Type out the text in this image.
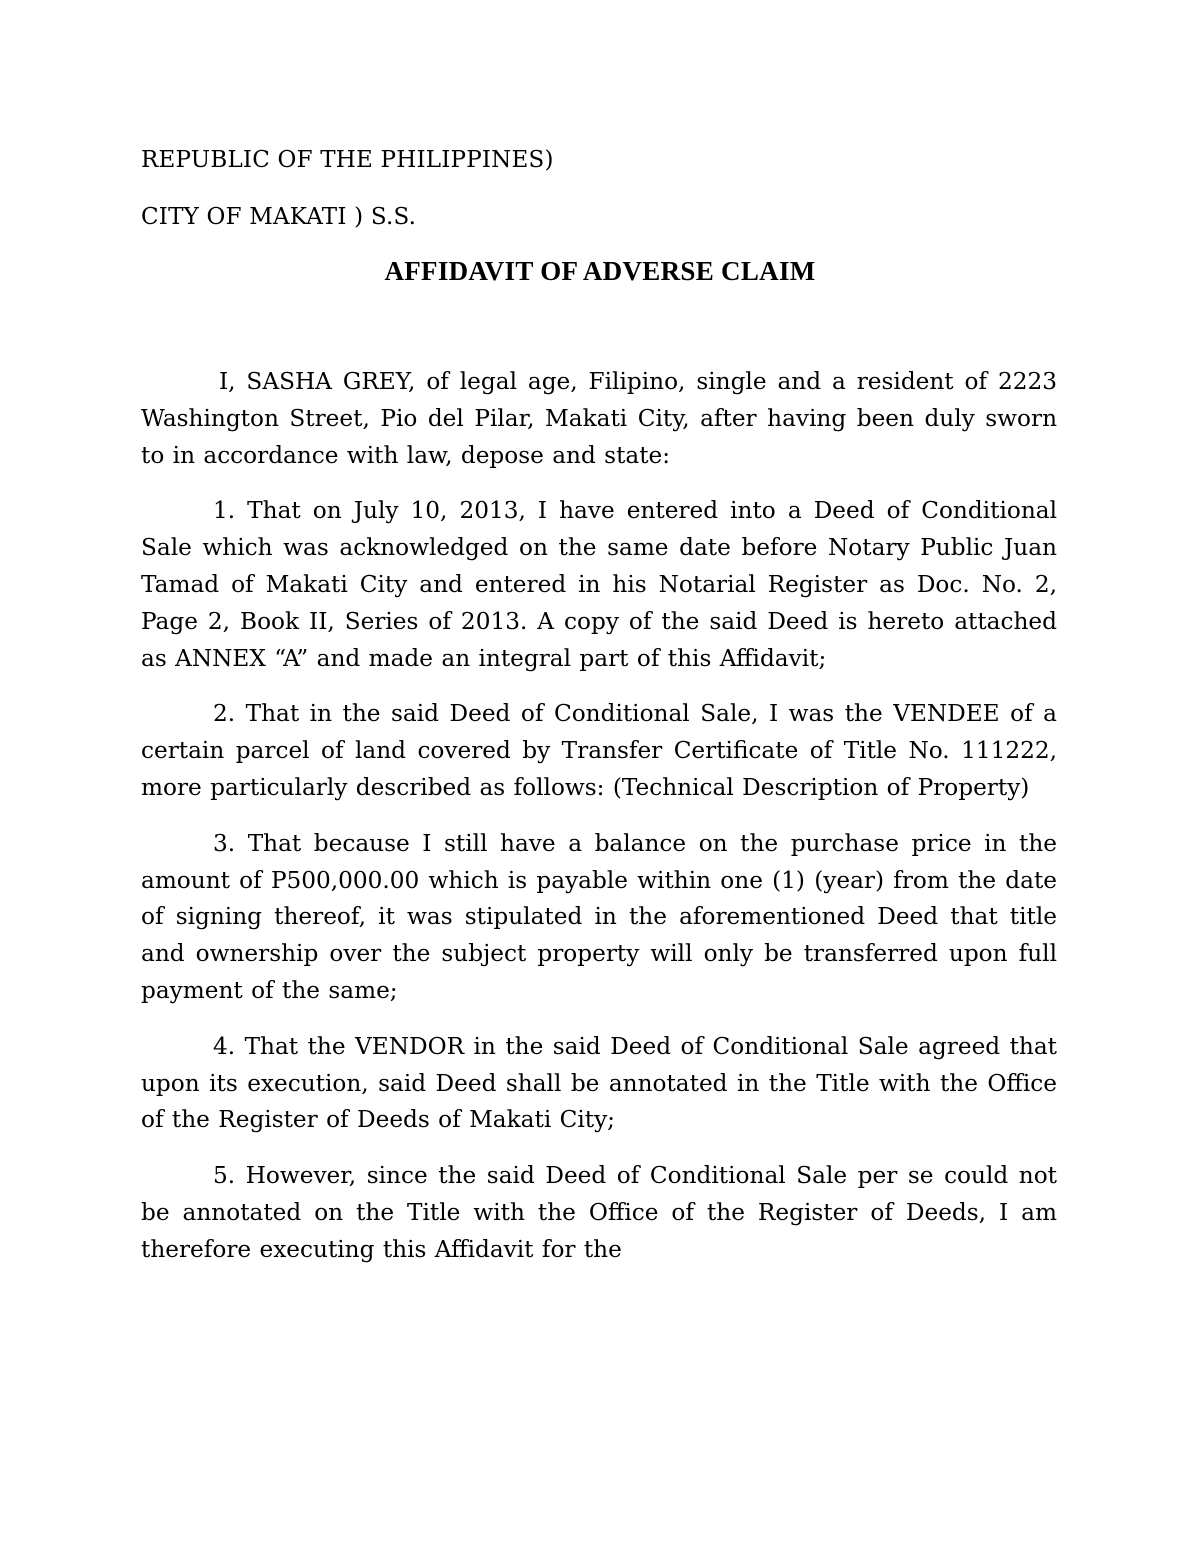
REPUBLIC OF THE PHILIPPINES)
CITY OF MAKATI ) S.S.
AFFIDAVIT OF ADVERSE CLAIM

I, SASHA GREY, of legal age, Filipino, single and a resident of 2223 Washington Street, Pio del Pilar, Makati City, after having been duly sworn to in accordance with law, depose and state:

1. That on July 10, 2013, I have entered into a Deed of Conditional Sale which was acknowledged on the same date before Notary Public Juan Tamad of Makati City and entered in his Notarial Register as Doc. No. 2, Page 2, Book II, Series of 2013. A copy of the said Deed is hereto attached as ANNEX “A” and made an integral part of this Affidavit;

2. That in the said Deed of Conditional Sale, I was the VENDEE of a certain parcel of land covered by Transfer Certificate of Title No. 111222, more particularly described as follows: (Technical Description of Property)

3. That because I still have a balance on the purchase price in the amount of P500,000.00 which is payable within one (1) (year) from the date of signing thereof, it was stipulated in the aforementioned Deed that title and ownership over the subject property will only be transferred upon full payment of the same;

4. That the VENDOR in the said Deed of Conditional Sale agreed that upon its execution, said Deed shall be annotated in the Title with the Office of the Register of Deeds of Makati City;

5. However, since the said Deed of Conditional Sale per se could not be annotated on the Title with the Office of the Register of Deeds, I am therefore executing this Affidavit for the
